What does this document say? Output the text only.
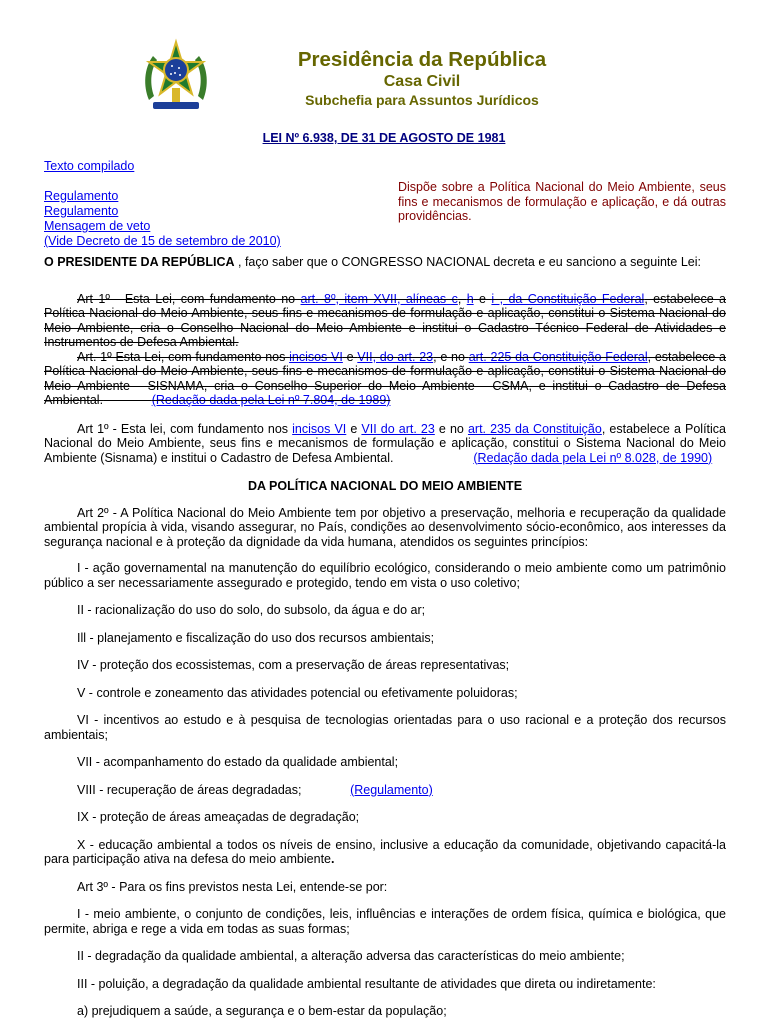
Presidência da República
Casa Civil
Subchefia para Assuntos Jurídicos
LEI Nº 6.938, DE 31 DE AGOSTO DE 1981
Texto compilado
Regulamento
Regulamento
Mensagem de veto
(Vide Decreto de 15 de setembro de 2010)
Dispõe sobre a Política Nacional do Meio Ambiente, seus fins e mecanismos de formulação e aplicação, e dá outras providências.

O PRESIDENTE DA REPÚBLICA , faço saber que o CONGRESSO NACIONAL decreta e eu sanciono a seguinte Lei:

Art 1º - Esta Lei, com fundamento no art. 8º, item XVII, alíneas c, h e i , da Constituição Federal, estabelece a Política Nacional do Meio Ambiente, seus fins e mecanismos de formulação e aplicação, constitui o Sistema Nacional do Meio Ambiente, cria o Conselho Nacional do Meio Ambiente e institui o Cadastro Técnico Federal de Atividades e Instrumentos de Defesa Ambiental.

Art. 1º Esta Lei, com fundamento nos incisos VI e VII, do art. 23, e no art. 225 da Constituição Federal, estabelece a Política Nacional do Meio Ambiente, seus fins e mecanismos de formulação e aplicação, constitui o Sistema Nacional do Meio Ambiente - SISNAMA, cria o Conselho Superior do Meio Ambiente - CSMA, e institui o Cadastro de Defesa Ambiental.	(Redação dada pela Lei nº 7.804, de 1989)

Art 1º - Esta lei, com fundamento nos incisos VI e VII do art. 23 e no art. 235 da Constituição, estabelece a Política Nacional do Meio Ambiente, seus fins e mecanismos de formulação e aplicação, constitui o Sistema Nacional do Meio Ambiente (Sisnama) e institui o Cadastro de Defesa Ambiental.	(Redação dada pela Lei nº 8.028, de 1990)

DA POLÍTICA NACIONAL DO MEIO AMBIENTE

Art 2º - A Política Nacional do Meio Ambiente tem por objetivo a preservação, melhoria e recuperação da qualidade ambiental propícia à vida, visando assegurar, no País, condições ao desenvolvimento sócio-econômico, aos interesses da segurança nacional e à proteção da dignidade da vida humana, atendidos os seguintes princípios:

I - ação governamental na manutenção do equilíbrio ecológico, considerando o meio ambiente como um patrimônio público a ser necessariamente assegurado e protegido, tendo em vista o uso coletivo;

II - racionalização do uso do solo, do subsolo, da água e do ar;

Ill - planejamento e fiscalização do uso dos recursos ambientais;

IV - proteção dos ecossistemas, com a preservação de áreas representativas;

V - controle e zoneamento das atividades potencial ou efetivamente poluidoras;

VI - incentivos ao estudo e à pesquisa de tecnologias orientadas para o uso racional e a proteção dos recursos ambientais;

VII - acompanhamento do estado da qualidade ambiental;

VIII - recuperação de áreas degradadas;	(Regulamento)

IX - proteção de áreas ameaçadas de degradação;

X - educação ambiental a todos os níveis de ensino, inclusive a educação da comunidade, objetivando capacitá-la para participação ativa na defesa do meio ambiente.

Art 3º - Para os fins previstos nesta Lei, entende-se por:

I - meio ambiente, o conjunto de condições, leis, influências e interações de ordem física, química e biológica, que permite, abriga e rege a vida em todas as suas formas;

II - degradação da qualidade ambiental, a alteração adversa das características do meio ambiente;

III - poluição, a degradação da qualidade ambiental resultante de atividades que direta ou indiretamente:

a) prejudiquem a saúde, a segurança e o bem-estar da população;
